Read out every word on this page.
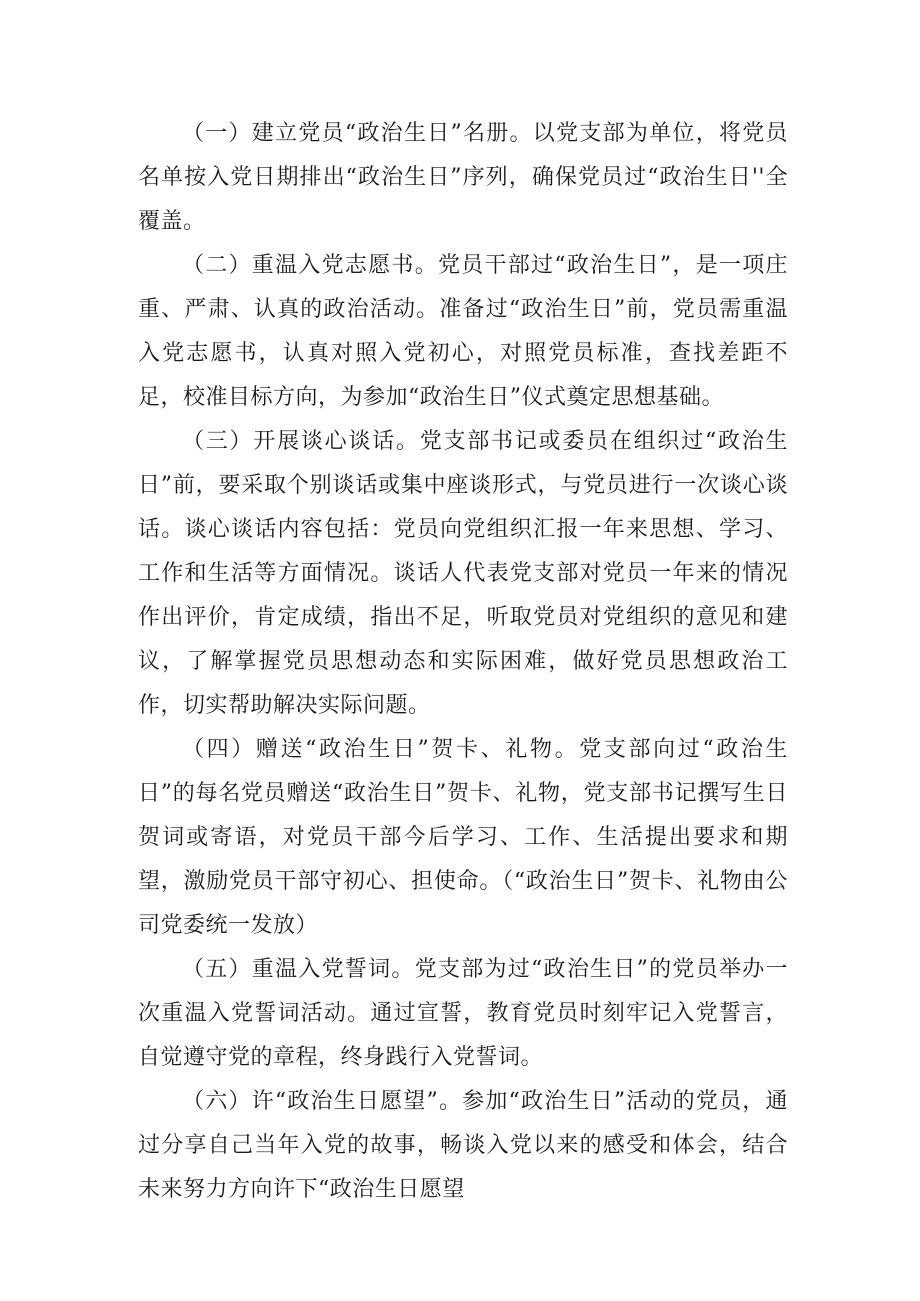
（一）建立党员“政治生日”名册。以党支部为单位，将党员名单按入党日期排出“政治生日”序列，确保党员过“政治生日''全覆盖。

（二）重温入党志愿书。党员干部过“政治生日”，是一项庄重、严肃、认真的政治活动。准备过“政治生日”前，党员需重温入党志愿书，认真对照入党初心，对照党员标准，查找差距不足，校准目标方向，为参加“政治生日”仪式奠定思想基础。

（三）开展谈心谈话。党支部书记或委员在组织过“政治生日”前，要采取个别谈话或集中座谈形式，与党员进行一次谈心谈话。谈心谈话内容包括：党员向党组织汇报一年来思想、学习、工作和生活等方面情况。谈话人代表党支部对党员一年来的情况作出评价，肯定成绩，指出不足，听取党员对党组织的意见和建议，了解掌握党员思想动态和实际困难，做好党员思想政治工作，切实帮助解决实际问题。

（四）赠送“政治生日”贺卡、礼物。党支部向过“政治生日”的每名党员赠送“政治生日”贺卡、礼物，党支部书记撰写生日贺词或寄语，对党员干部今后学习、工作、生活提出要求和期望，激励党员干部守初心、担使命。（“政治生日”贺卡、礼物由公司党委统一发放）

（五）重温入党誓词。党支部为过“政治生日”的党员举办一次重温入党誓词活动。通过宣誓，教育党员时刻牢记入党誓言，自觉遵守党的章程，终身践行入党誓词。

（六）许“政治生日愿望”。参加“政治生日”活动的党员，通过分享自己当年入党的故事，畅谈入党以来的感受和体会，结合未来努力方向许下“政治生日愿望
